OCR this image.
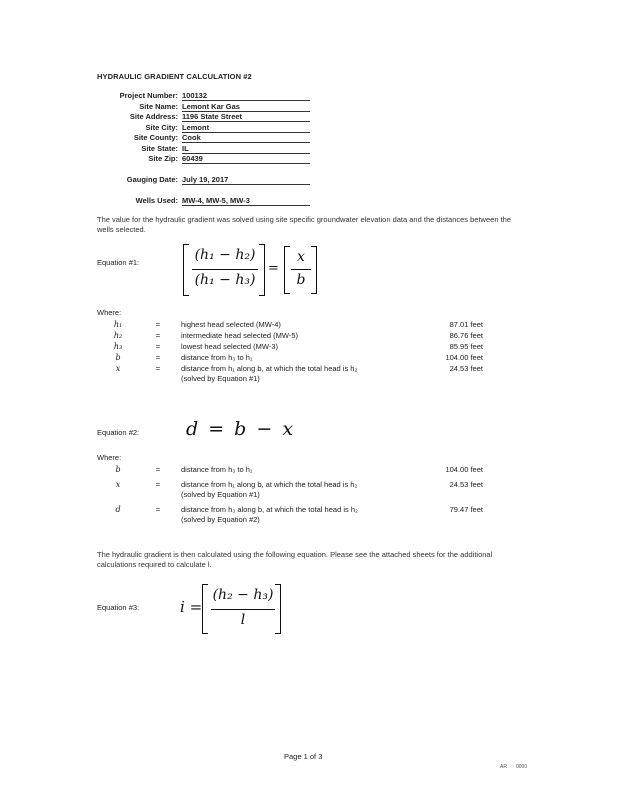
HYDRAULIC GRADIENT CALCULATION #2
Project Number: 100132
Site Name: Lemont Kar Gas
Site Address: 1196 State Street
Site City: Lemont
Site County: Cook
Site State: IL
Site Zip: 60439
Gauging Date: July 19, 2017
Wells Used: MW-4, MW-5, MW-3
The value for the hydraulic gradient was solved using site specific groundwater elevation data and the distances between the wells selected.
Equation #1:	(h₁ − h₂)
(h₁ − h₃)
=
x
b
Where:
h₁	=	highest head selected (MW-4)	87.01 feet
h₂	=	intermediate head selected (MW-5)	86.76 feet
h₃	=	lowest head selected (MW-3)	85.95 feet
b	=	distance from h₃ to h₁	104.00 feet
x	=	distance from h₁ along b, at which the total head is h₂	24.53 feet
(solved by Equation #1)
Equation #2: d = b − x
Where:
b	=	distance from h₃ to h₁	104.00 feet
x	=	distance from h₁ along b, at which the total head is h₂	24.53 feet
(solved by Equation #1)
d	=	distance from h₃ along b, at which the total head is h₂	79.47 feet
(solved by Equation #2)
The hydraulic gradient is then calculated using the following equation. Please see the attached sheets for the additional calculations required to calculate l.
Equation #3:	i =
(h₂ − h₃)
l
Page 1 of 3
AR 0000
